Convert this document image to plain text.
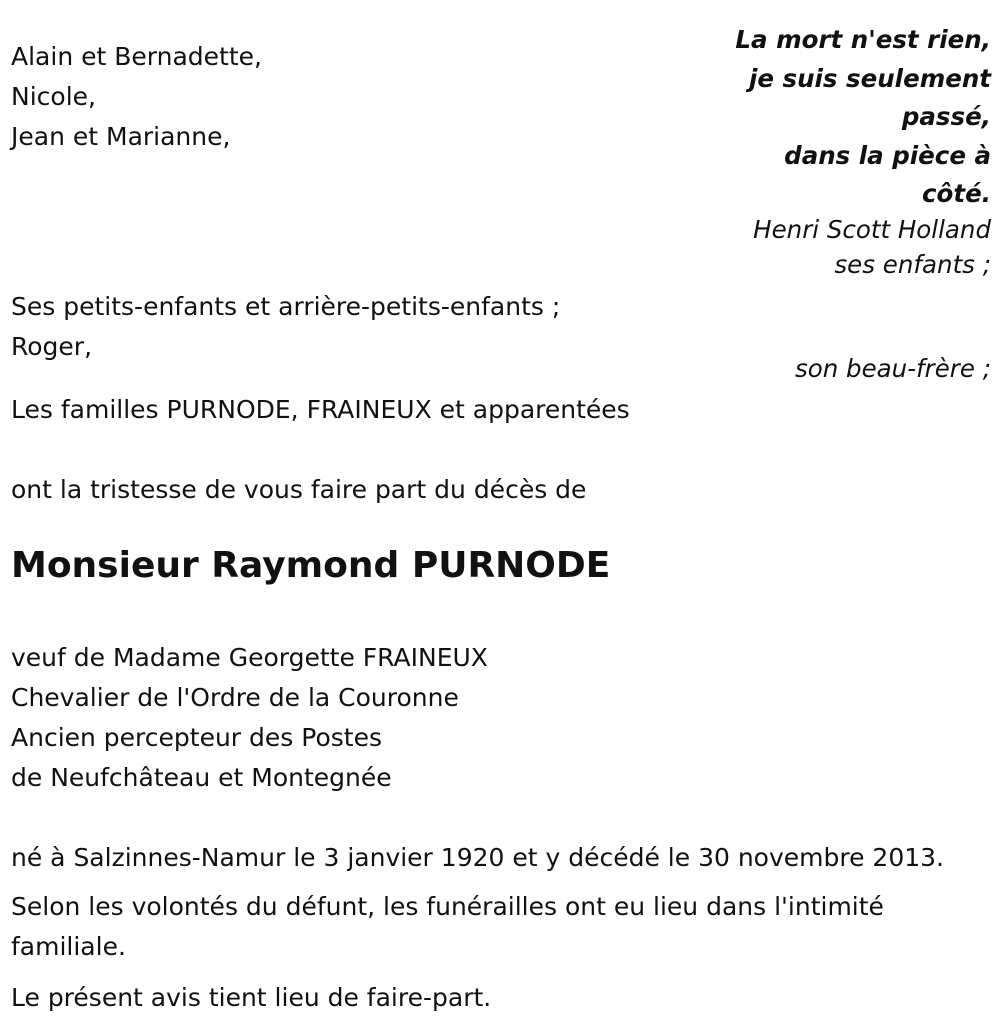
Alain et Bernadette,
Nicole,
Jean et Marianne,
La mort n'est rien,
je suis seulement
passé,
dans la pièce à
côté.
Henri Scott Holland
ses enfants ;
Ses petits-enfants et arrière-petits-enfants ;
Roger,
son beau-frère ;
Les familles PURNODE, FRAINEUX et apparentées
ont la tristesse de vous faire part du décès de
Monsieur Raymond PURNODE
veuf de Madame Georgette FRAINEUX
Chevalier de l'Ordre de la Couronne
Ancien percepteur des Postes
de Neufchâteau et Montegnée
né à Salzinnes-Namur le 3 janvier 1920 et y décédé le 30 novembre 2013.
Selon les volontés du défunt, les funérailles ont eu lieu dans l'intimité familiale.
Le présent avis tient lieu de faire-part.
